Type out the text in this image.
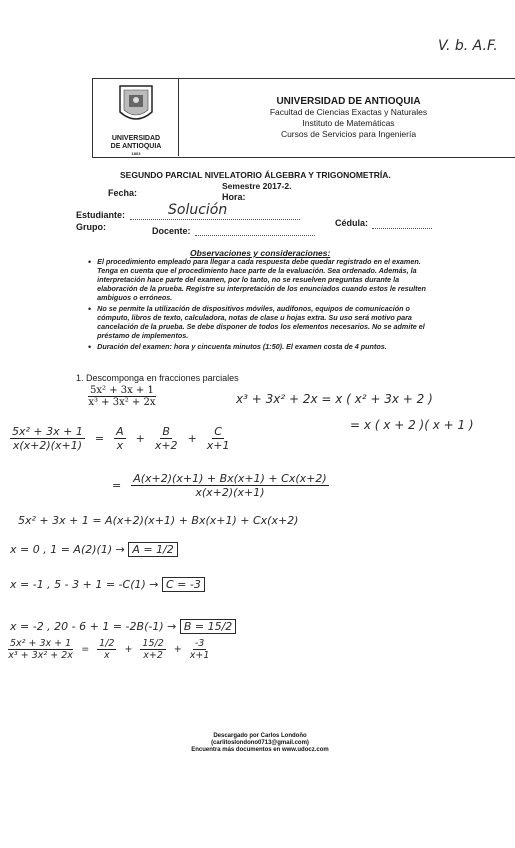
V. b. A.F.
UNIVERSIDAD
DE ANTIOQUIA
1803
UNIVERSIDAD DE ANTIOQUIA
Facultad de Ciencias Exactas y Naturales
Instituto de Matemáticas
Cursos de Servicios para Ingeniería
SEGUNDO PARCIAL NIVELATORIO ÁLGEBRA Y TRIGONOMETRÍA.
Fecha:
Semestre 2017-2.
Hora:
Estudiante:	Solución
Cédula:
Grupo:	Docente:
Observaciones y consideraciones:
• El procedimiento empleado para llegar a cada respuesta debe quedar registrado en el examen. Tenga en cuenta que el procedimiento hace parte de la evaluación. Sea ordenado. Además, la interpretación hace parte del examen, por lo tanto, no se resuelven preguntas durante la elaboración de la prueba. Registre su interpretación de los enunciados cuando estos le resulten ambiguos o erróneos.
• No se permite la utilización de dispositivos móviles, audífonos, equipos de comunicación o cómputo, libros de texto, calculadora, notas de clase u hojas extra. Su uso será motivo para cancelación de la prueba. Se debe disponer de todos los elementos necesarios. No se admite el préstamo de implementos.
• Duración del examen: hora y cincuenta minutos (1:50). El examen costa de 4 puntos.
1. Descomponga en fracciones parciales
$\frac{\text{5x² + 3x + 1}}{\text{x³ + 3x² + 2x}}$	x³ + 3x² + 2x = x ( x² + 3x + 2 )
= x ( x + 2 )( x + 1 )
$\frac{\text{5x² + 3x + 1}}{x(x+2)(x+1)} = \frac{A}{x} + \frac{B}{x+2} + \frac{C}{x+1}$
= $\frac{A(x+2)(x+1) + Bx(x+1) + Cx(x+2)}{x(x+2)(x+1)}$
5x² + 3x + 1 = A(x+2)(x+1) + Bx(x+1) + Cx(x+2)
x = 0 , 1 = A(2)(1) → A = 1/2
x = -1 , 5 - 3 + 1 = -C(1) → C = -3
x = -2 , 20 - 6 + 1 = -2B(-1) → B = 15/2
$\frac{\text{5x² + 3x + 1}}{\text{x³ + 3x² + 2x}} = \frac{1/2}{x} + \frac{15/2}{x+2} + \frac{-3}{x+1}$
Descargado por Carlos Londoño
(carlitoslondono0713@gmail.com)
Encuentra más documentos en www.udocz.com
